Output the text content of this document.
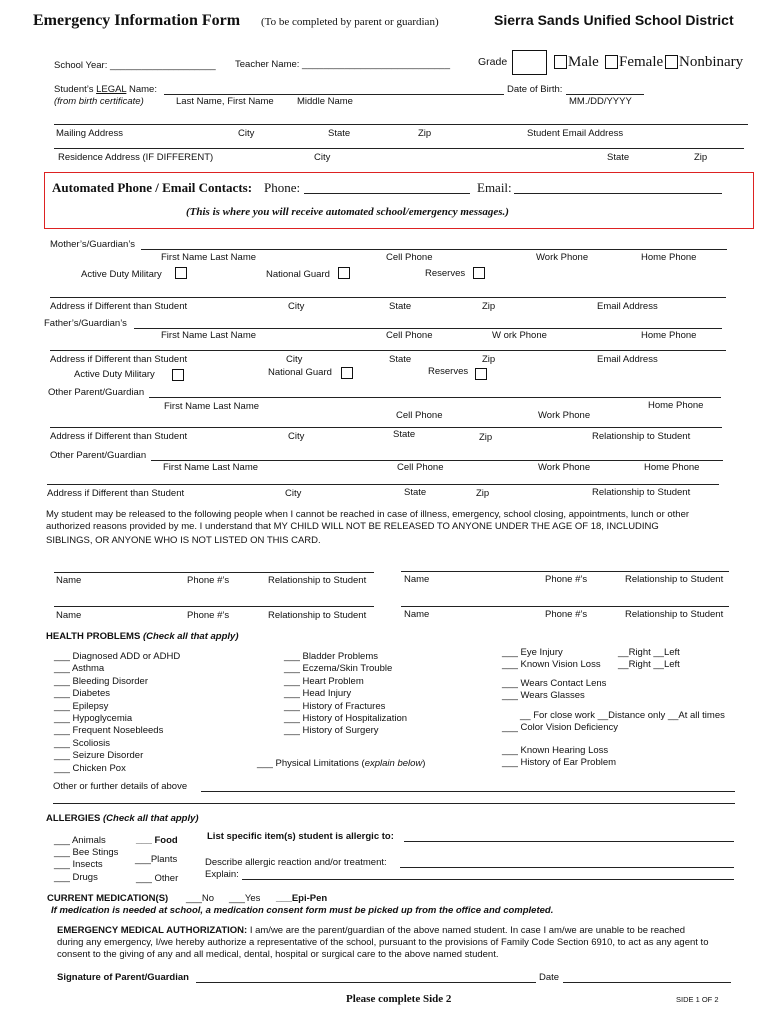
Emergency Information Form (To be completed by parent or guardian)	Sierra Sands Unified School District
School Year: ____________________ Teacher Name: ____________________________	Grade	Male Female Nonbinary
Student’s LEGAL Name:
(from birth certificate)	Last Name, First Name Middle Name
Date of Birth:
MM./DD/YYYY
Mailing Address	City	State	Zip	Student Email Address
Residence Address (IF DIFFERENT)	City	State	Zip
Automated Phone / Email Contacts: Phone:	Email:
(This is where you will receive automated school/emergency messages.)
Mother’s/Guardian’s
First Name Last Name	Cell Phone	Work Phone	Home Phone
Active Duty Military	National Guard	Reserves
Address if Different than Student	City	State	Zip	Email Address
Father’s/Guardian’s
First Name Last Name	Cell Phone	W ork Phone	Home Phone
Address if Different than Student	City	State	Zip	Email Address
Active Duty Military	National Guard	Reserves
Other Parent/Guardian
First Name Last Name	Home Phone
Cell Phone	Work Phone
Address if Different than Student	City	State	Zip	Relationship to Student
Other Parent/Guardian
First Name Last Name	Cell Phone	Work Phone	Home Phone
Address if Different than Student	City	State	Zip	Relationship to Student
My student may be released to the following people when I cannot be reached in case of illness, emergency, school closing, appointments, lunch or other
authorized reasons provided by me. I understand that MY CHILD WILL NOT BE RELEASED TO ANYONE UNDER THE AGE OF 18, INCLUDING
SIBLINGS, OR ANYONE WHO IS NOT LISTED ON THIS CARD.
Name	Phone #’s	Relationship to Student	Name	Phone #’s	Relationship to Student
Name	Phone #’s	Relationship to Student	Name	Phone #’s	Relationship to Student
HEALTH PROBLEMS (Check all that apply)
___ Diagnosed ADD or ADHD
___ Asthma
___ Bleeding Disorder
___ Diabetes
___ Epilepsy
___ Hypoglycemia
___ Frequent Nosebleeds
___ Scoliosis
___ Seizure Disorder
___ Chicken Pox
___ Bladder Problems
___ Eczema/Skin Trouble
___ Heart Problem
___ Head Injury
___ History of Fractures
___ History of Hospitalization
___ History of Surgery
___ Physical Limitations (explain below)
___ Eye Injury	__Right __Left
___ Known Vision Loss __Right __Left
___ Wears Contact Lens
___ Wears Glasses
__ For close work __Distance only __At all times
___ Color Vision Deficiency
___ Known Hearing Loss
___ History of Ear Problem
Other or further details of above
ALLERGIES (Check all that apply)
___ Animals
___ Bee Stings
___ Insects
___ Drugs
___ Food
___Plants
___ Other
List specific item(s) student is allergic to:
Describe allergic reaction and/or treatment:
Explain:
CURRENT MEDICATION(S) ___No ___Yes ___Epi-Pen
If medication is needed at school, a medication consent form must be picked up from the office and completed.
EMERGENCY MEDICAL AUTHORIZATION: I am/we are the parent/guardian of the above named student. In case I am/we are unable to be reached
during any emergency, I/we hereby authorize a representative of the school, pursuant to the provisions of Family Code Section 6910, to act as any agent to
consent to the giving of any and all medical, dental, hospital or surgical care to the above named student.
Signature of Parent/Guardian	Date
Please complete Side 2	SIDE 1 OF 2
